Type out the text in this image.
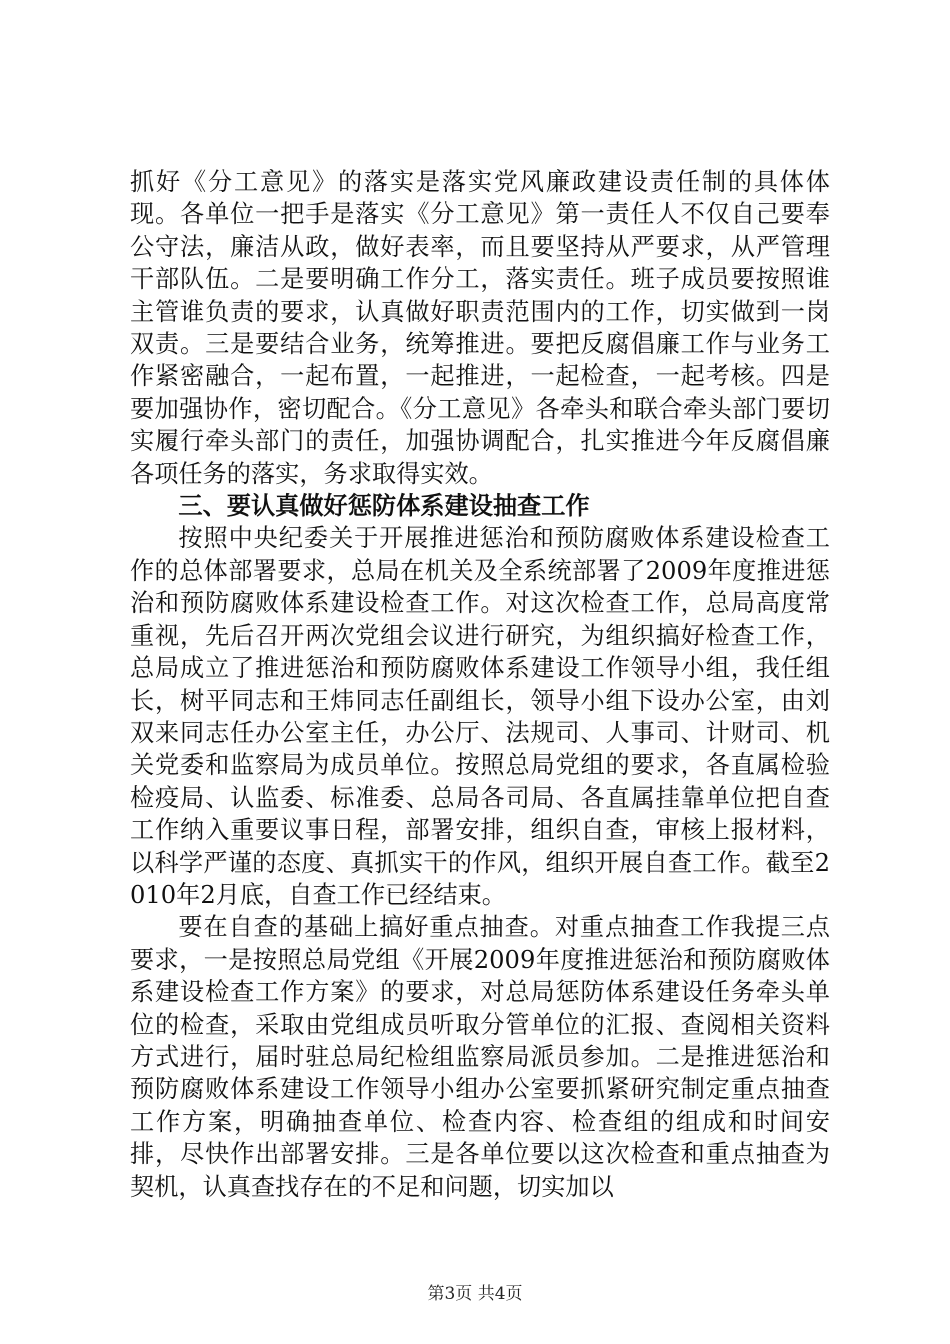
抓好《分工意见》的落实是落实党风廉政建设责任制的具体体现。各单位一把手是落实《分工意见》第一责任人不仅自己要奉公守法，廉洁从政，做好表率，而且要坚持从严要求，从严管理干部队伍。二是要明确工作分工，落实责任。班子成员要按照谁主管谁负责的要求，认真做好职责范围内的工作，切实做到一岗双责。三是要结合业务，统筹推进。要把反腐倡廉工作与业务工作紧密融合，一起布置，一起推进，一起检查，一起考核。四是要加强协作，密切配合。《分工意见》各牵头和联合牵头部门要切实履行牵头部门的责任，加强协调配合，扎实推进今年反腐倡廉各项任务的落实，务求取得实效。

三、要认真做好惩防体系建设抽查工作

按照中央纪委关于开展推进惩治和预防腐败体系建设检查工作的总体部署要求，总局在机关及全系统部署了2009年度推进惩治和预防腐败体系建设检查工作。对这次检查工作，总局高度常重视，先后召开两次党组会议进行研究，为组织搞好检查工作，总局成立了推进惩治和预防腐败体系建设工作领导小组，我任组长，树平同志和王炜同志任副组长，领导小组下设办公室，由刘双来同志任办公室主任，办公厅、法规司、人事司、计财司、机关党委和监察局为成员单位。按照总局党组的要求，各直属检验检疫局、认监委、标准委、总局各司局、各直属挂靠单位把自查工作纳入重要议事日程，部署安排，组织自查，审核上报材料，以科学严谨的态度、真抓实干的作风，组织开展自查工作。截至2010年2月底，自查工作已经结束。

要在自查的基础上搞好重点抽查。对重点抽查工作我提三点要求，一是按照总局党组《开展2009年度推进惩治和预防腐败体系建设检查工作方案》的要求，对总局惩防体系建设任务牵头单位的检查，采取由党组成员听取分管单位的汇报、查阅相关资料方式进行，届时驻总局纪检组监察局派员参加。二是推进惩治和预防腐败体系建设工作领导小组办公室要抓紧研究制定重点抽查工作方案，明确抽查单位、检查内容、检查组的组成和时间安排，尽快作出部署安排。三是各单位要以这次检查和重点抽查为契机，认真查找存在的不足和问题，切实加以

第3页 共4页
